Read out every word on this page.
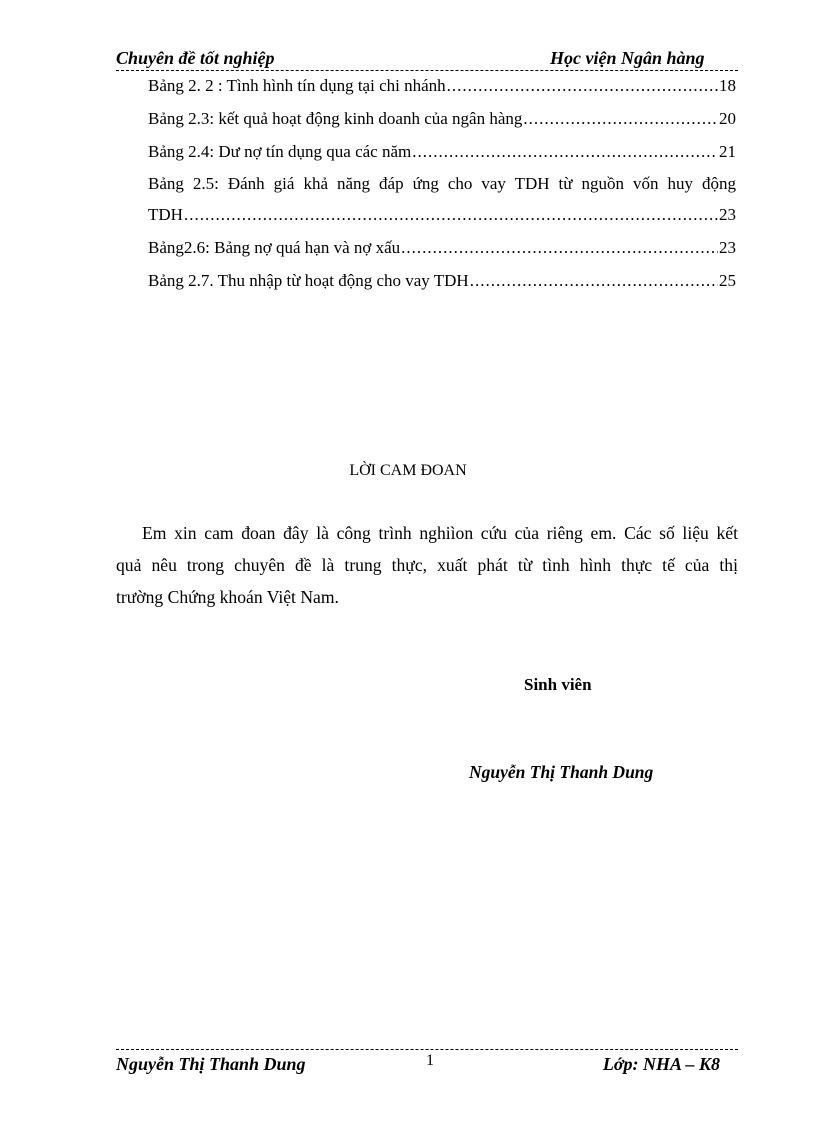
Chuyên đề tốt nghiệp	Học viện Ngân hàng
Bảng 2. 2 : Tình hình tín dụng tại chi nhánh .....	18
Bảng 2.3: kết quả hoạt động kinh doanh của ngân hàng .....	20
Bảng 2.4: Dư nợ tín dụng qua các năm .....	21
Bảng 2.5: Đánh giá khả năng đáp ứng cho vay TDH từ nguồn vốn huy động
TDH .....	23
Bảng2.6: Bảng nợ quá hạn và nợ xấu .....	23
Bảng 2.7. Thu nhập từ hoạt động cho vay TDH .....	25
LỜI CAM ĐOAN
Em xin cam đoan đây là công trình nghiìon cứu của riêng em. Các số liệu kết
quả nêu trong chuyên đề là trung thực, xuất phát từ tình hình thực tế của thị
trường Chứng khoán Việt Nam.
Sinh viên
Nguyễn Thị Thanh Dung
Nguyễn Thị Thanh Dung	1	Lớp: NHA – K8
